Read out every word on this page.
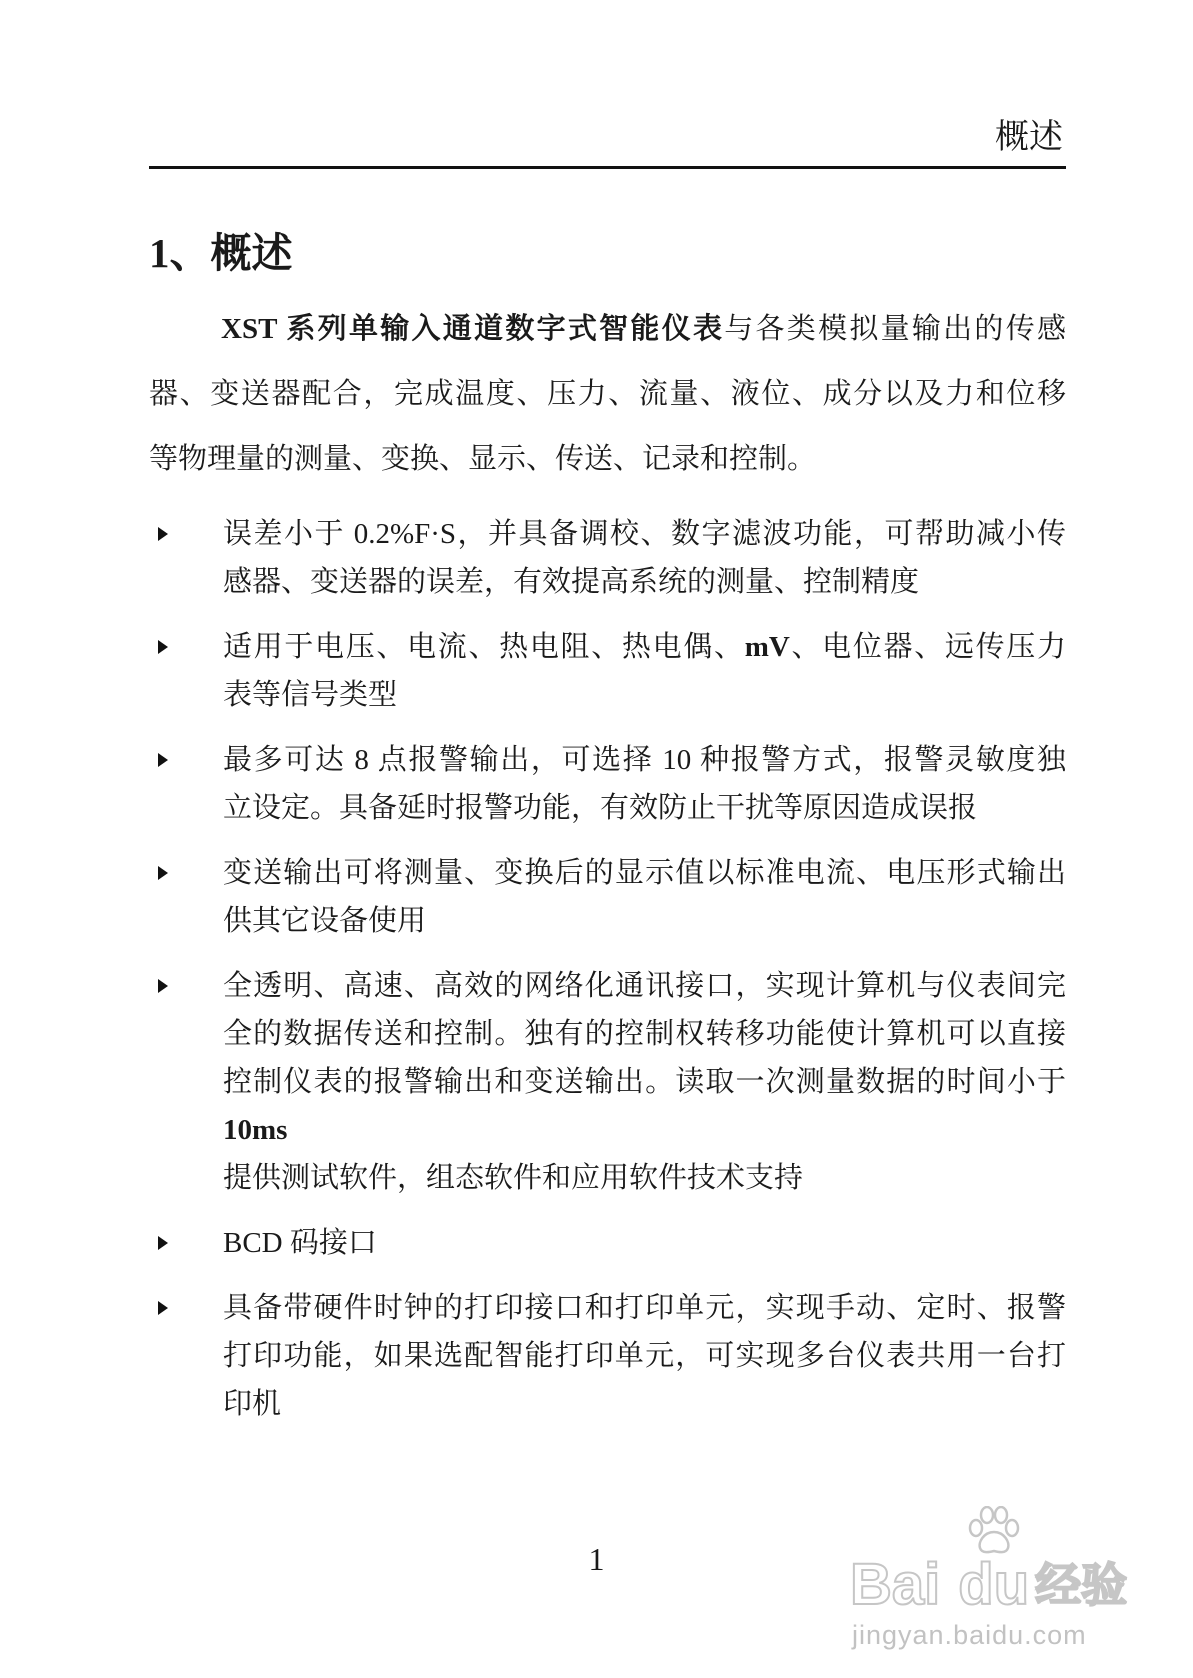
概述
1、概述
XST 系列单输入通道数字式智能仪表与各类模拟量输出的传感
器、变送器配合，完成温度、压力、流量、液位、成分以及力和位移
等物理量的测量、变换、显示、传送、记录和控制。
误差小于 0.2%F·S，并具备调校、数字滤波功能，可帮助减小传
感器、变送器的误差，有效提高系统的测量、控制精度
适用于电压、电流、热电阻、热电偶、mV、电位器、远传压力
表等信号类型
最多可达 8 点报警输出，可选择 10 种报警方式，报警灵敏度独
立设定。具备延时报警功能，有效防止干扰等原因造成误报
变送输出可将测量、变换后的显示值以标准电流、电压形式输出
供其它设备使用
全透明、高速、高效的网络化通讯接口，实现计算机与仪表间完
全的数据传送和控制。独有的控制权转移功能使计算机可以直接
控制仪表的报警输出和变送输出。读取一次测量数据的时间小于
10ms
提供测试软件，组态软件和应用软件技术支持
BCD 码接口
具备带硬件时钟的打印接口和打印单元，实现手动、定时、报警
打印功能，如果选配智能打印单元，可实现多台仪表共用一台打
印机
1	Bai du 经验
jingyan.baidu.com
